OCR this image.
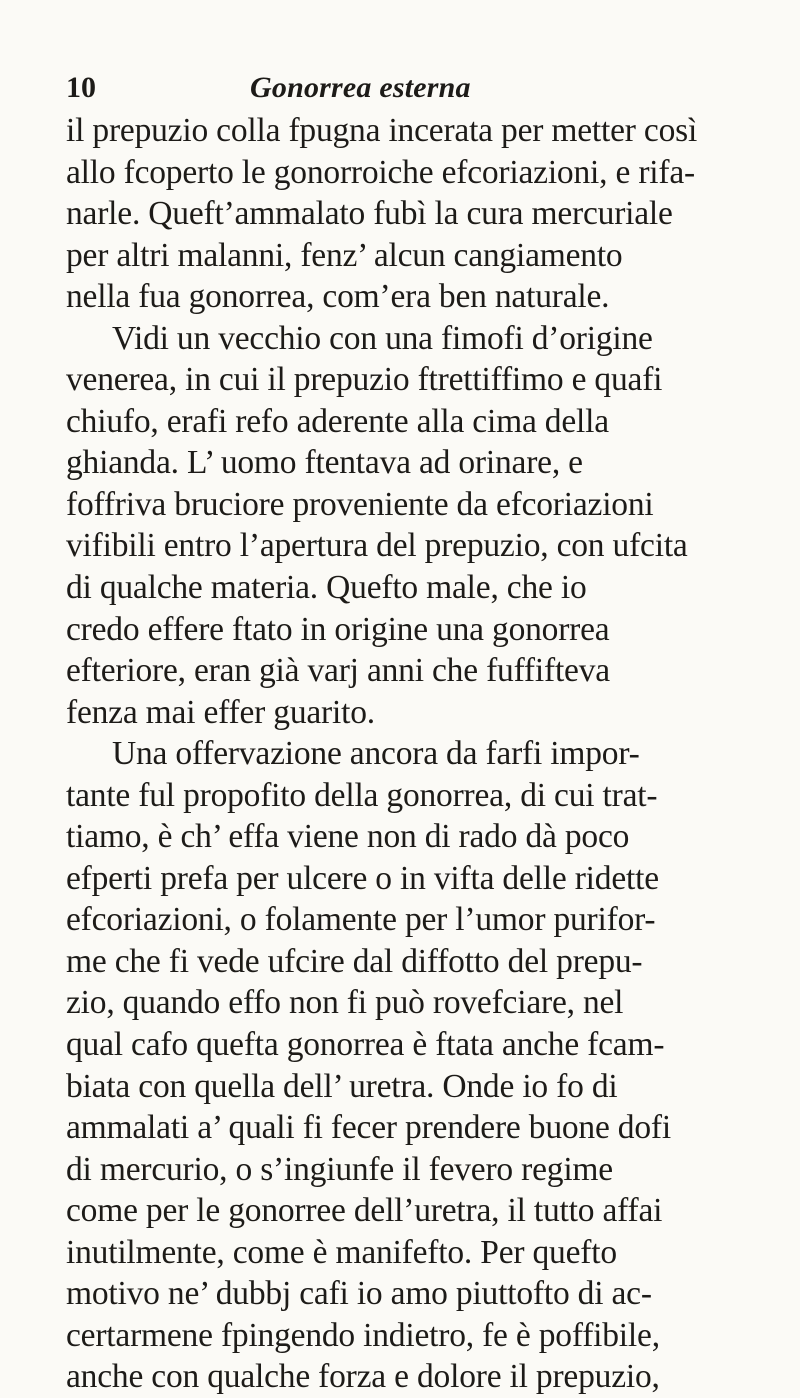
10	Gonorrea esterna
il prepuzio colla fpugna incerata per metter così
allo fcoperto le gonorroiche efcoriazioni, e rifa-
narle. Queft’ammalato fubì la cura mercuriale
per altri malanni, fenz’ alcun cangiamento
nella fua gonorrea, com’era ben naturale.
Vidi un vecchio con una fimofi d’origine
venerea, in cui il prepuzio ftrettiffimo e quafi
chiufo, erafi refo aderente alla cima della
ghianda. L’ uomo ftentava ad orinare, e
foffriva bruciore proveniente da efcoriazioni
vifibili entro l’apertura del prepuzio, con ufcita
di qualche materia. Quefto male, che io
credo effere ftato in origine una gonorrea
efteriore, eran già varj anni che fuffifteva
fenza mai effer guarito.
Una offervazione ancora da farfi impor-
tante ful propofito della gonorrea, di cui trat-
tiamo, è ch’ effa viene non di rado dà poco
efperti prefa per ulcere o in vifta delle ridette
efcoriazioni, o folamente per l’umor purifor-
me che fi vede ufcire dal diffotto del prepu-
zio, quando effo non fi può rovefciare, nel
qual cafo quefta gonorrea è ftata anche fcam-
biata con quella dell’ uretra. Onde io fo di
ammalati a’ quali fi fecer prendere buone dofi
di mercurio, o s’ingiunfe il fevero regime
come per le gonorree dell’uretra, il tutto affai
inutilmente, come è manifefto. Per quefto
motivo ne’ dubbj cafi io amo piuttofto di ac-
certarmene fpingendo indietro, fe è poffibile,
anche con qualche forza e dolore il prepuzio,
